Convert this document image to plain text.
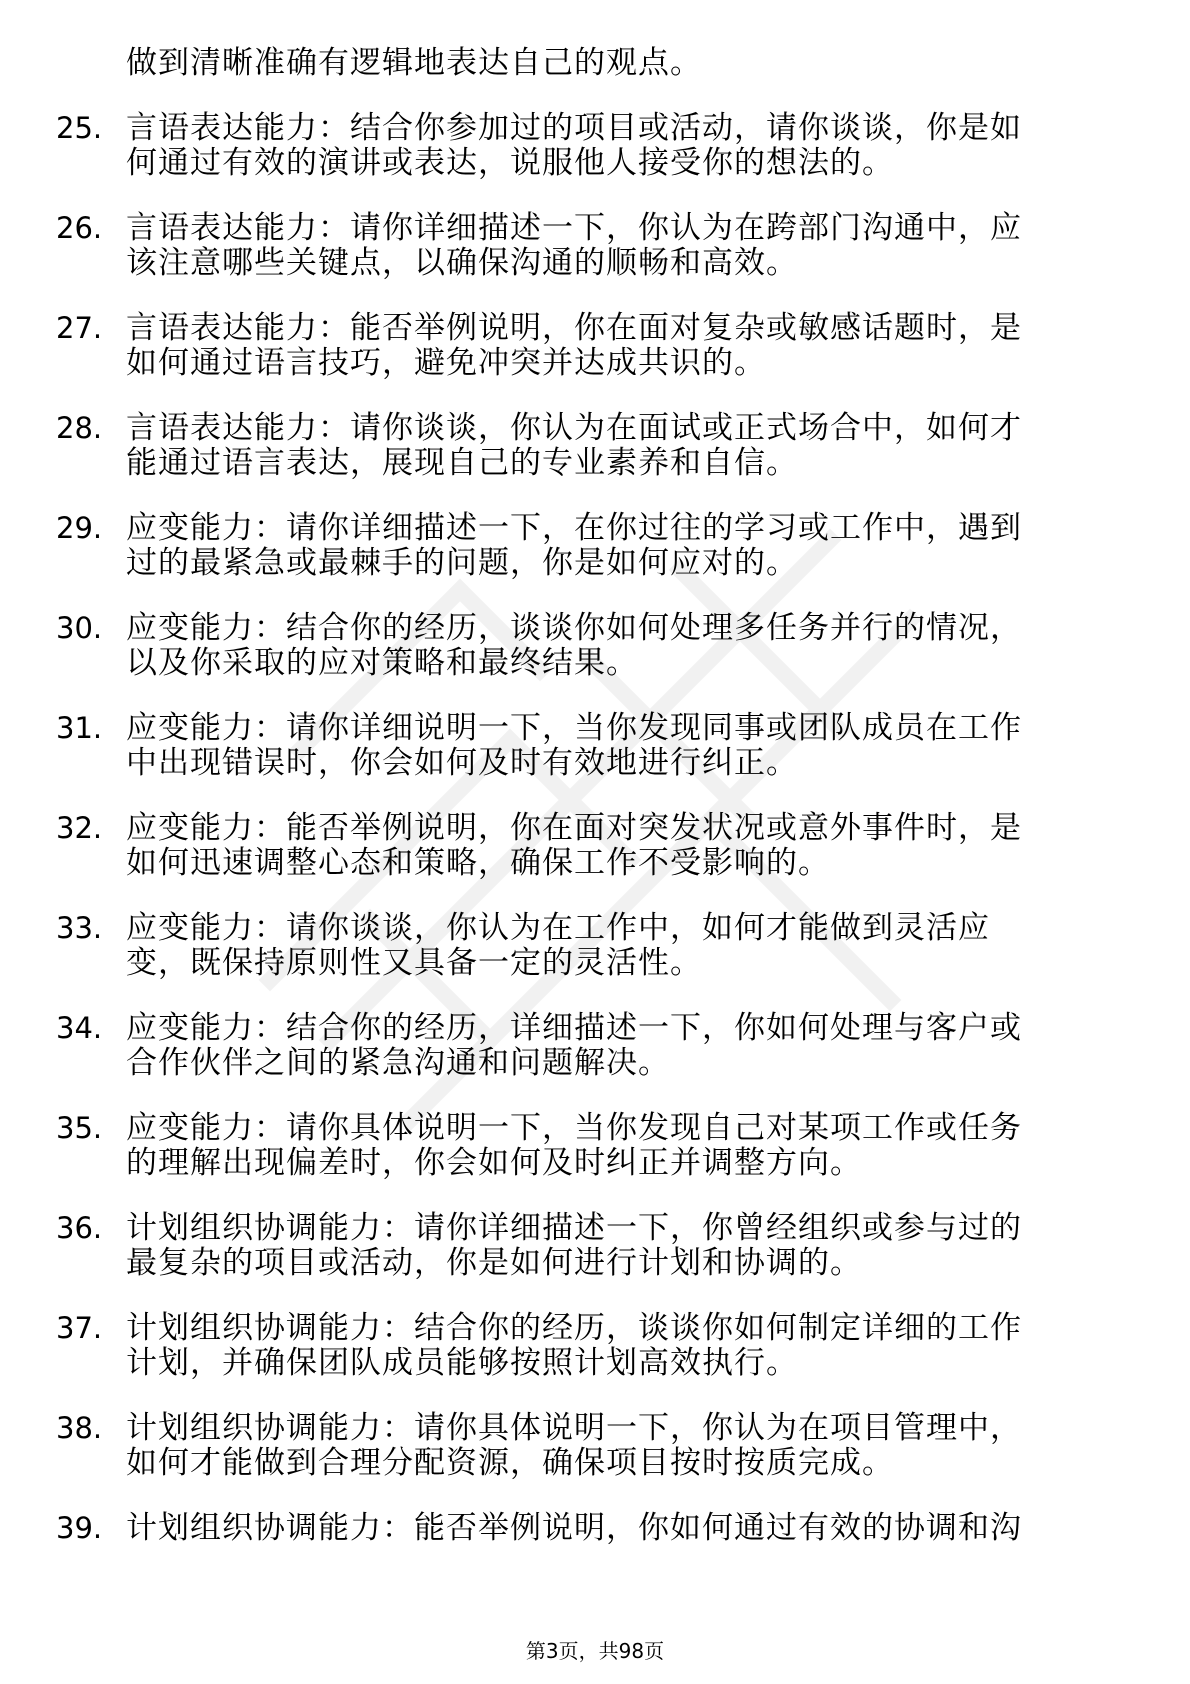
做到清晰准确有逻辑地表达自己的观点。
25. 言语表达能力：结合你参加过的项目或活动，请你谈谈，你是如
何通过有效的演讲或表达，说服他人接受你的想法的。
26. 言语表达能力：请你详细描述一下，你认为在跨部门沟通中，应
该注意哪些关键点，以确保沟通的顺畅和高效。
27. 言语表达能力：能否举例说明，你在面对复杂或敏感话题时，是
如何通过语言技巧，避免冲突并达成共识的。
28. 言语表达能力：请你谈谈，你认为在面试或正式场合中，如何才
能通过语言表达，展现自己的专业素养和自信。
29. 应变能力：请你详细描述一下，在你过往的学习或工作中，遇到
过的最紧急或最棘手的问题，你是如何应对的。
30. 应变能力：结合你的经历，谈谈你如何处理多任务并行的情况，
以及你采取的应对策略和最终结果。
31. 应变能力：请你详细说明一下，当你发现同事或团队成员在工作
中出现错误时，你会如何及时有效地进行纠正。
32. 应变能力：能否举例说明，你在面对突发状况或意外事件时，是
如何迅速调整心态和策略，确保工作不受影响的。
33. 应变能力：请你谈谈，你认为在工作中，如何才能做到灵活应
变，既保持原则性又具备一定的灵活性。
34. 应变能力：结合你的经历，详细描述一下，你如何处理与客户或
合作伙伴之间的紧急沟通和问题解决。
35. 应变能力：请你具体说明一下，当你发现自己对某项工作或任务
的理解出现偏差时，你会如何及时纠正并调整方向。
36. 计划组织协调能力：请你详细描述一下，你曾经组织或参与过的
最复杂的项目或活动，你是如何进行计划和协调的。
37. 计划组织协调能力：结合你的经历，谈谈你如何制定详细的工作
计划，并确保团队成员能够按照计划高效执行。
38. 计划组织协调能力：请你具体说明一下，你认为在项目管理中，
如何才能做到合理分配资源，确保项目按时按质完成。
39. 计划组织协调能力：能否举例说明，你如何通过有效的协调和沟
第3页，共98页
